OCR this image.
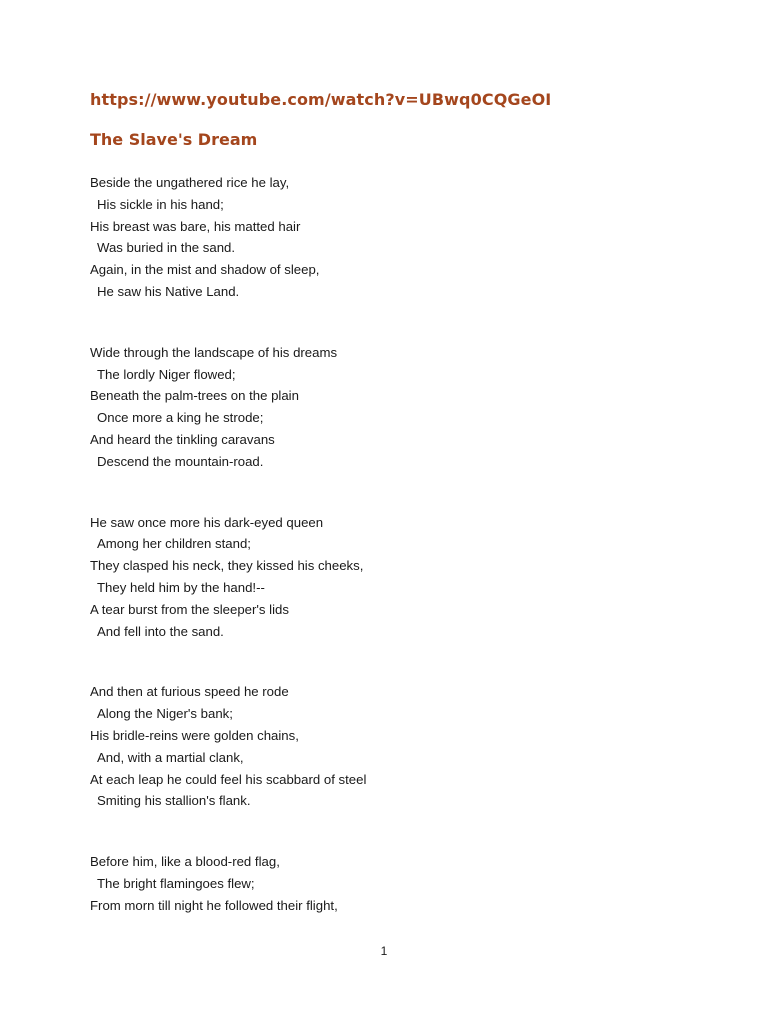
https://www.youtube.com/watch?v=UBwq0CQGeOI
The Slave's Dream
Beside the ungathered rice he lay,
His sickle in his hand;
His breast was bare, his matted hair
Was buried in the sand.
Again, in the mist and shadow of sleep,
He saw his Native Land.
Wide through the landscape of his dreams
The lordly Niger flowed;
Beneath the palm-trees on the plain
Once more a king he strode;
And heard the tinkling caravans
Descend the mountain-road.
He saw once more his dark-eyed queen
Among her children stand;
They clasped his neck, they kissed his cheeks,
They held him by the hand!--
A tear burst from the sleeper's lids
And fell into the sand.
And then at furious speed he rode
Along the Niger's bank;
His bridle-reins were golden chains,
And, with a martial clank,
At each leap he could feel his scabbard of steel
Smiting his stallion's flank.
Before him, like a blood-red flag,
The bright flamingoes flew;
From morn till night he followed their flight,
1
